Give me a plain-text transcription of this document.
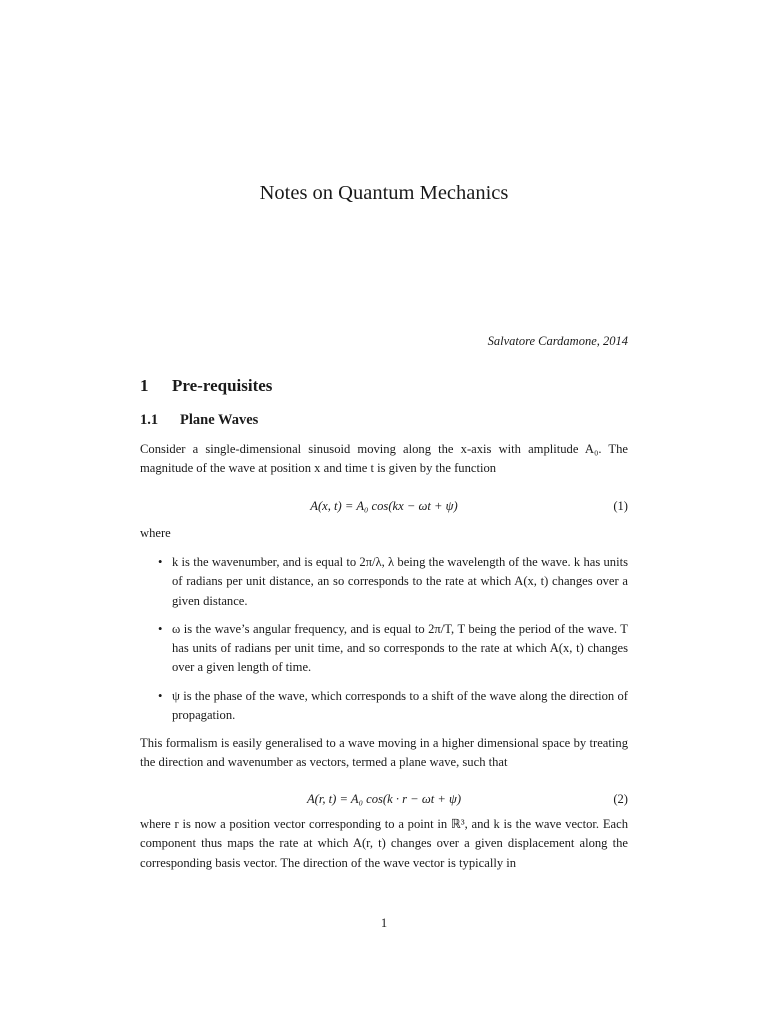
Notes on Quantum Mechanics
Salvatore Cardamone, 2014
1 Pre-requisites
1.1 Plane Waves
Consider a single-dimensional sinusoid moving along the x-axis with amplitude A₀. The magnitude of the wave at position x and time t is given by the function
A(x, t) = A₀ cos(kx − ωt + ψ)	(1)
where
• k is the wavenumber, and is equal to 2π/λ, λ being the wavelength of the wave. k has units of radians per unit distance, an so corresponds to the rate at which A(x, t) changes over a given distance.
• ω is the wave’s angular frequency, and is equal to 2π/T, T being the period of the wave. T has units of radians per unit time, and so corresponds to the rate at which A(x, t) changes over a given length of time.
• ψ is the phase of the wave, which corresponds to a shift of the wave along the direction of propagation.
This formalism is easily generalised to a wave moving in a higher dimensional space by treating the direction and wavenumber as vectors, termed a plane wave, such that
A(r, t) = A₀ cos(k · r − ωt + ψ)	(2)
where r is now a position vector corresponding to a point in ℝ³, and k is the wave vector. Each component thus maps the rate at which A(r, t) changes over a given displacement along the corresponding basis vector. The direction of the wave vector is typically in
1
